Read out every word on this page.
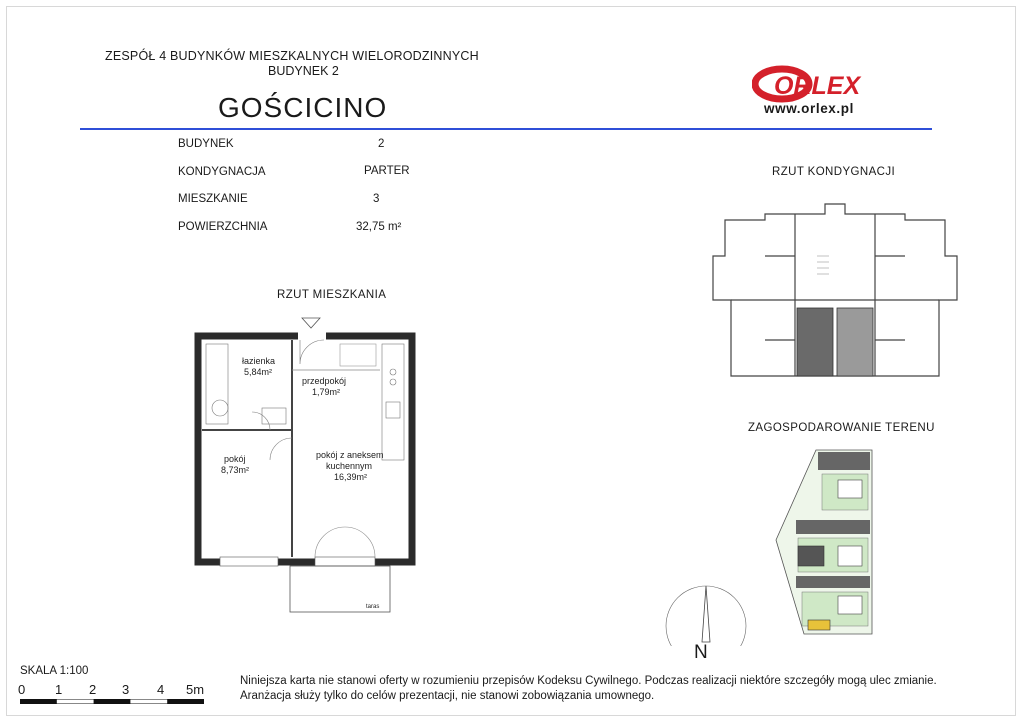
ZESPÓŁ 4 BUDYNKÓW MIESZKALNYCH WIELORODZINNYCH
BUDYNEK 2
GOŚCICINO
ORLEX
www.orlex.pl
BUDYNEK	2
KONDYGNACJA	PARTER
MIESZKANIE	3
POWIERZCHNIA	32,75 m²
RZUT MIESZKANIA
RZUT KONDYGNACJI
ZAGOSPODAROWANIE TERENU
łazienka
5,84m²
przedpokój
1,79m²
pokój
8,73m²
pokój z aneksem
kuchennym
16,39m²
taras
N
SKALA 1:100
0 1 2 3 4 5m
Niniejsza karta nie stanowi oferty w rozumieniu przepisów Kodeksu Cywilnego. Podczas realizacji niektóre szczegóły mogą ulec zmianie.
Aranżacja służy tylko do celów prezentacji, nie stanowi zobowiązania umownego.
